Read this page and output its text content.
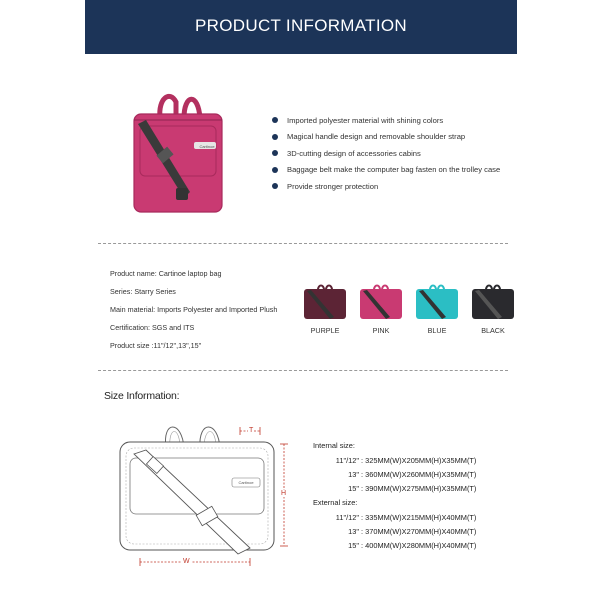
PRODUCT INFORMATION
Cartinoe
Imported polyester material with shining colors
Magical handle design and removable shoulder strap
3D-cutting design of accessories cabins
Baggage belt make the computer bag fasten on the trolley case
Provide stronger protection
Product name: Cartinoe laptop bag
Series: Starry Series
Main material: Imports Polyester and Imported Plush
Certification: SGS and ITS
Product size :11"/12",13",15"
PURPLE	PINK	BLUE	BLACK
Size Information:
Cartinoe
T
H
W
Internal size:
11"/12" : 325MM(W)X205MM(H)X35MM(T)
13" : 360MM(W)X260MM(H)X35MM(T)
15" : 390MM(W)X275MM(H)X35MM(T)
External size:
11"/12" : 335MM(W)X215MM(H)X40MM(T)
13" : 370MM(W)X270MM(H)X40MM(T)
15" : 400MM(W)X280MM(H)X40MM(T)
